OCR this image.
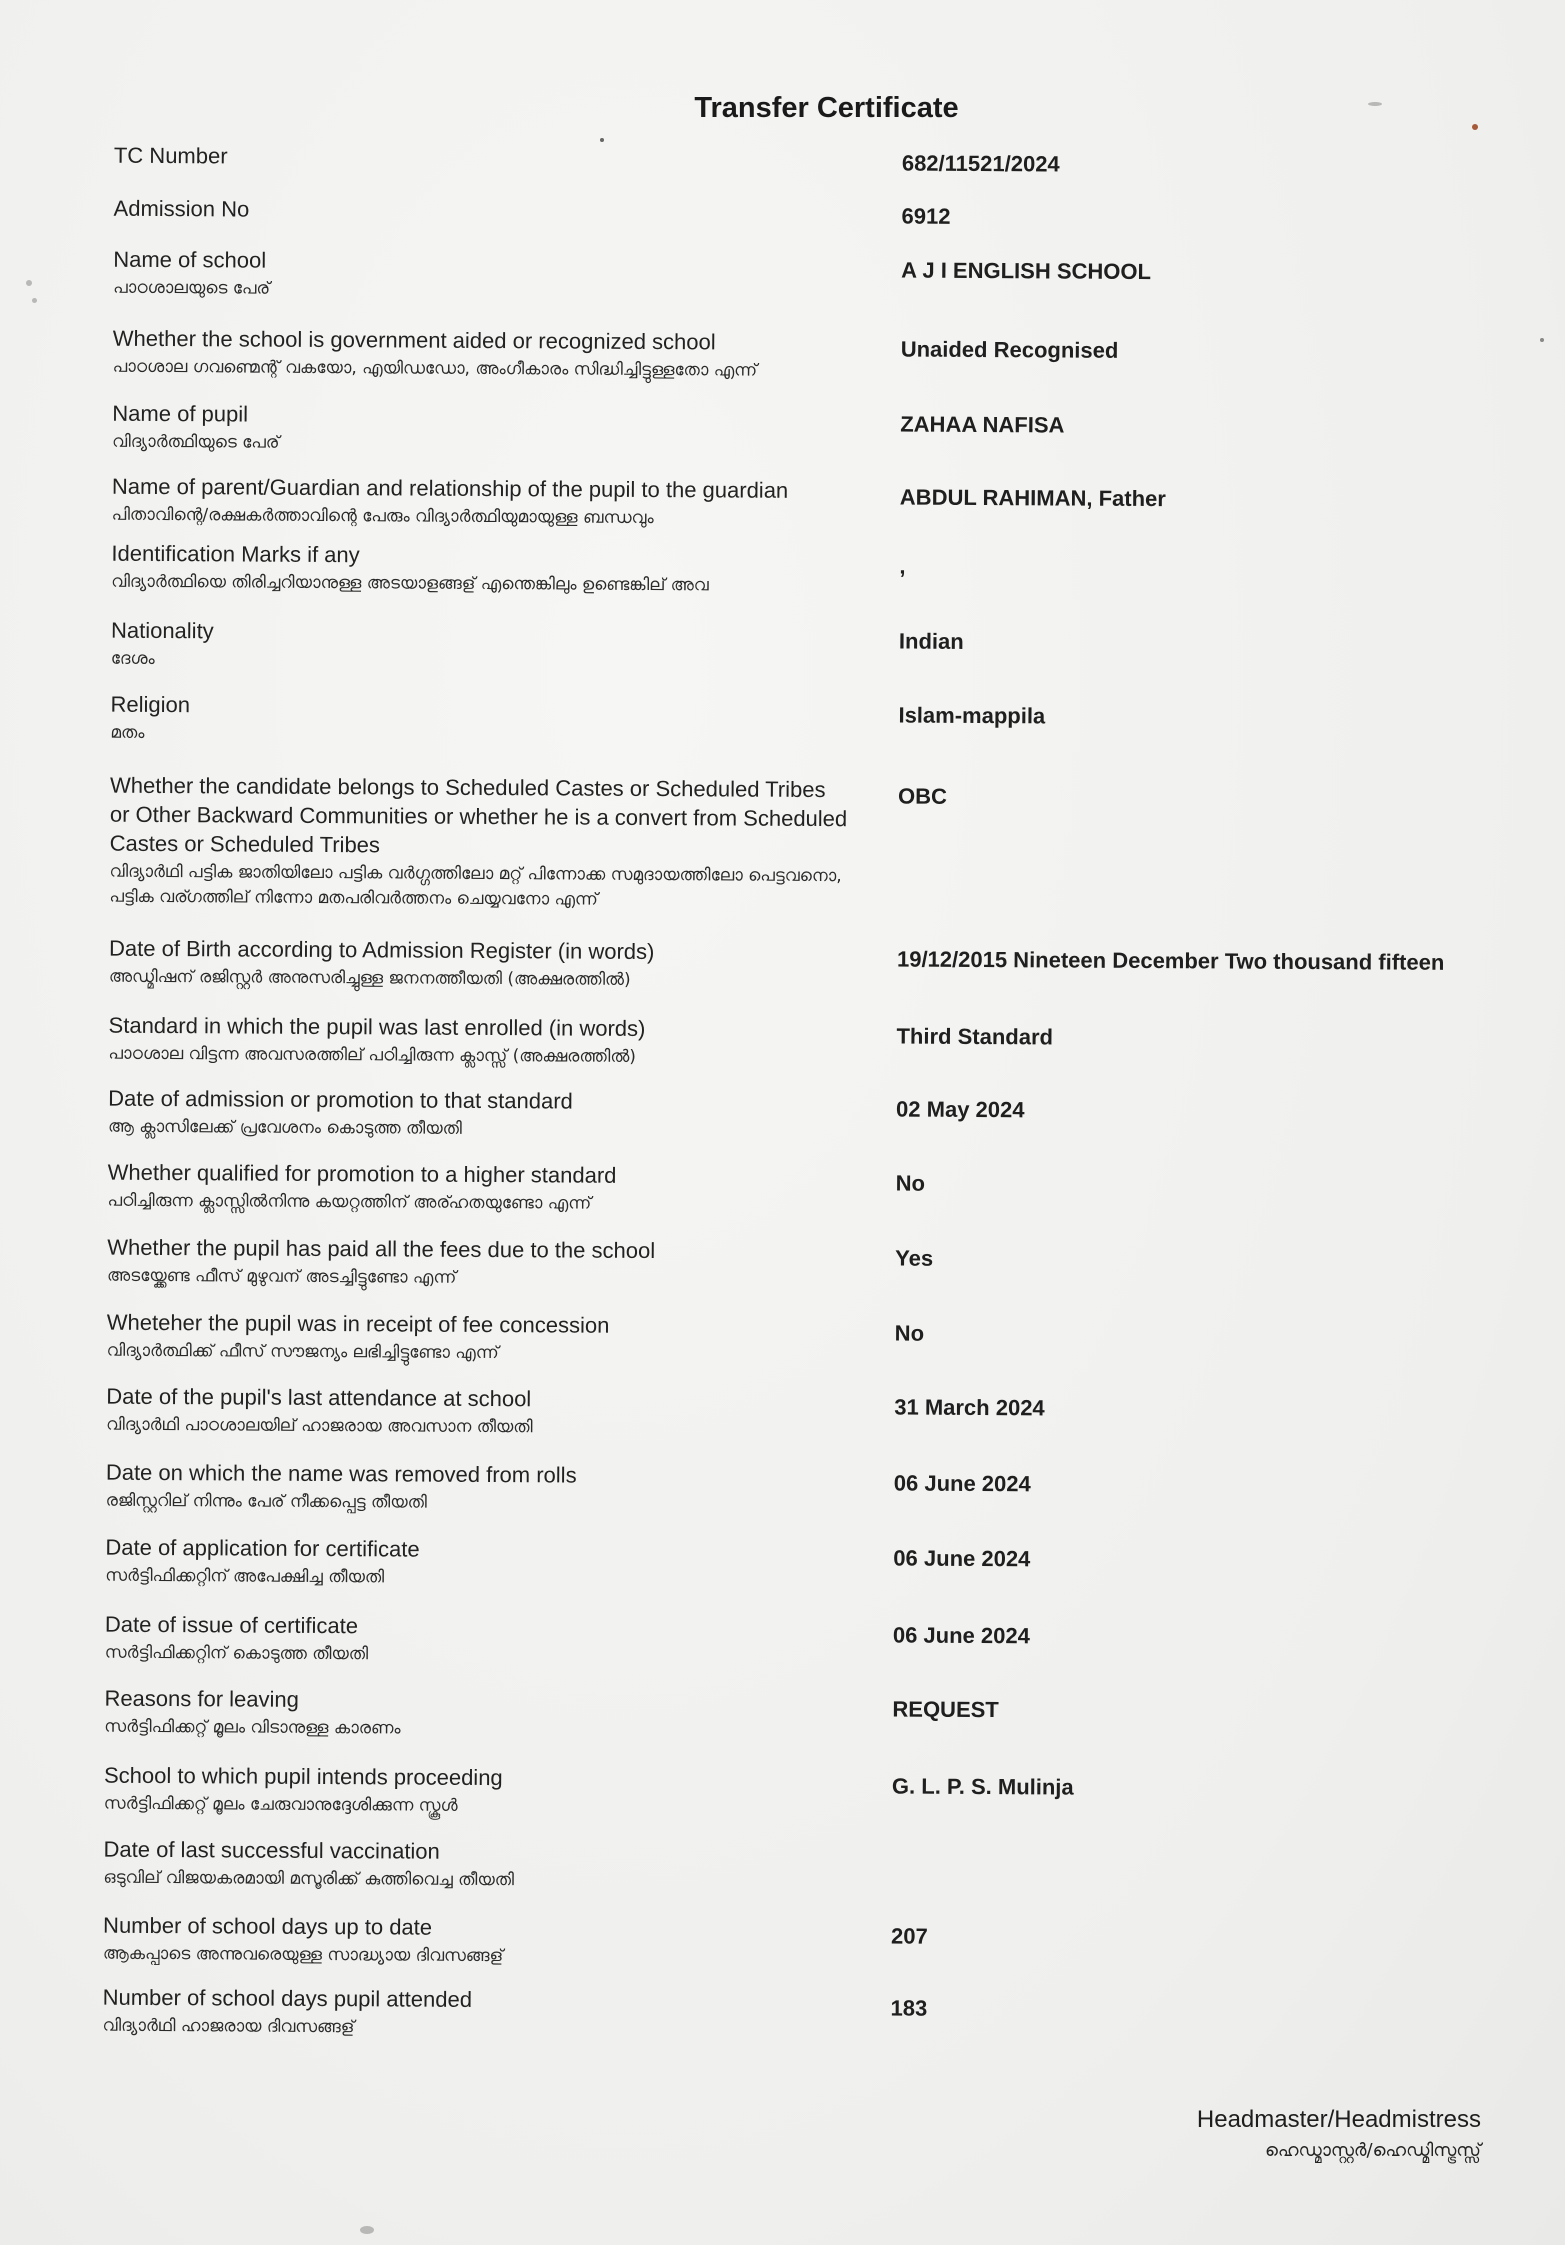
Transfer Certificate
TC Number	682/11521/2024
Admission No	6912
Name of school
പാഠശാലയുടെ പേര്
A J I ENGLISH SCHOOL
Whether the school is government aided or recognized school
പാഠശാല ഗവണ്മെന്റ് വകയോ, എയിഡഡോ, അംഗീകാരം സിദ്ധിച്ചിട്ടുള്ളതോ എന്ന്
Unaided Recognised
Name of pupil
വിദ്യാർത്ഥിയുടെ പേര്
ZAHAA NAFISA
Name of parent/Guardian and relationship of the pupil to the guardian
പിതാവിന്റെ/രക്ഷകർത്താവിന്റെ പേരും വിദ്യാർത്ഥിയുമായുള്ള ബന്ധവും
ABDUL RAHIMAN, Father
Identification Marks if any
വിദ്യാർത്ഥിയെ തിരിച്ചറിയാനുള്ള അടയാളങ്ങള് എന്തെങ്കിലും ഉണ്ടെങ്കില് അവ
,
Nationality
ദേശം
Indian
Religion
മതം
Islam-mappila
Whether the candidate belongs to Scheduled Castes or Scheduled Tribes or Other Backward Communities or whether he is a convert from Scheduled Castes or Scheduled Tribes
വിദ്യാർഥി പട്ടിക ജാതിയിലോ പട്ടിക വർഗ്ഗത്തിലോ മറ്റ് പിന്നോക്ക സമുദായത്തിലോ പെട്ടവനൊ, പട്ടിക വര്ഗത്തില് നിന്നോ മതപരിവർത്തനം ചെയ്യവനോ എന്ന്
OBC
Date of Birth according to Admission Register (in words)
അഡ്മിഷന് രജിസ്റ്റർ അനുസരിച്ചുള്ള ജനനത്തീയതി (അക്ഷരത്തിൽ)
19/12/2015 Nineteen December Two thousand fifteen
Standard in which the pupil was last enrolled (in words)
പാഠശാല വിട്ടന്ന അവസരത്തില് പഠിച്ചിരുന്ന ക്ലാസ്സ് (അക്ഷരത്തിൽ)
Third Standard
Date of admission or promotion to that standard
ആ ക്ലാസിലേക്ക് പ്രവേശനം കൊടുത്ത തീയതി
02 May 2024
Whether qualified for promotion to a higher standard
പഠിച്ചിരുന്ന ക്ലാസ്സിൽനിന്നു കയറ്റത്തിന് അര്ഹതയുണ്ടോ എന്ന്
No
Whether the pupil has paid all the fees due to the school
അടയ്ക്കേണ്ട ഫീസ് മുഴുവന് അടച്ചിട്ടുണ്ടോ എന്ന്
Yes
Wheteher the pupil was in receipt of fee concession
വിദ്യാർത്ഥിക്ക് ഫീസ് സൗജന്യം ലഭിച്ചിട്ടുണ്ടോ എന്ന്
No
Date of the pupil's last attendance at school
വിദ്യാർഥി പാഠശാലയില് ഹാജരായ അവസാന തീയതി
31 March 2024
Date on which the name was removed from rolls
രജിസ്റ്ററില് നിന്നും പേര് നീക്കപ്പെട്ട തീയതി
06 June 2024
Date of application for certificate
സർട്ടിഫിക്കറ്റിന് അപേക്ഷിച്ച തീയതി
06 June 2024
Date of issue of certificate
സർട്ടിഫിക്കറ്റിന് കൊടുത്ത തീയതി
06 June 2024
Reasons for leaving
സർട്ടിഫിക്കറ്റ് മൂലം വിടാനുള്ള കാരണം
REQUEST
School to which pupil intends proceeding
സർട്ടിഫിക്കറ്റ് മൂലം ചേരുവാനുദ്ദേശിക്കുന്ന സ്കൂൾ
G. L. P. S. Mulinja
Date of last successful vaccination
ഒടുവില് വിജയകരമായി മസൂരിക്ക് കുത്തിവെച്ച തീയതി
Number of school days up to date
ആകപ്പാടെ അന്നുവരെയുള്ള സാദ്ധ്യായ ദിവസങ്ങള്
207
Number of school days pupil attended
വിദ്യാർഥി ഹാജരായ ദിവസങ്ങള്
183
Headmaster/Headmistress
ഹെഡ്മാസ്റ്റർ/ഹെഡ്മിസ്ട്രസ്സ്
